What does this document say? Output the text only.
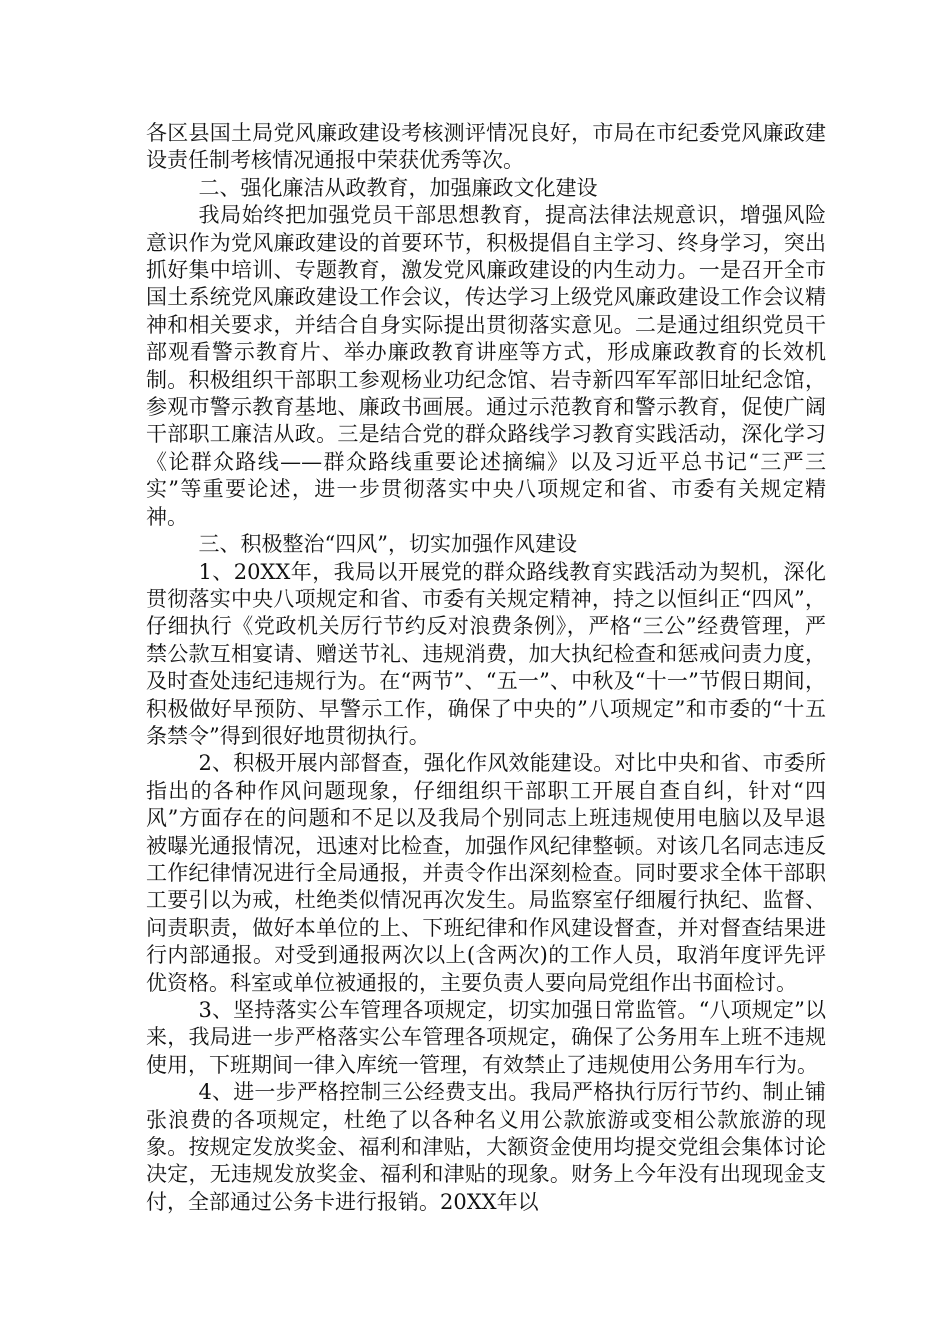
各区县国土局党风廉政建设考核测评情况良好，市局在市纪委党风廉政建设责任制考核情况通报中荣获优秀等次。

二、强化廉洁从政教育，加强廉政文化建设

我局始终把加强党员干部思想教育，提高法律法规意识，增强风险意识作为党风廉政建设的首要环节，积极提倡自主学习、终身学习，突出抓好集中培训、专题教育，激发党风廉政建设的内生动力。一是召开全市国土系统党风廉政建设工作会议，传达学习上级党风廉政建设工作会议精神和相关要求，并结合自身实际提出贯彻落实意见。二是通过组织党员干部观看警示教育片、举办廉政教育讲座等方式，形成廉政教育的长效机制。积极组织干部职工参观杨业功纪念馆、岩寺新四军军部旧址纪念馆，参观市警示教育基地、廉政书画展。通过示范教育和警示教育，促使广阔干部职工廉洁从政。三是结合党的群众路线学习教育实践活动，深化学习《论群众路线——群众路线重要论述摘编》以及习近平总书记“三严三实”等重要论述，进一步贯彻落实中央八项规定和省、市委有关规定精神。

三、积极整治“四风”，切实加强作风建设

1、20XX年，我局以开展党的群众路线教育实践活动为契机，深化贯彻落实中央八项规定和省、市委有关规定精神，持之以恒纠正“四风”，仔细执行《党政机关厉行节约反对浪费条例》，严格“三公”经费管理，严禁公款互相宴请、赠送节礼、违规消费，加大执纪检查和惩戒问责力度，及时查处违纪违规行为。在“两节”、“五一”、中秋及“十一”节假日期间，积极做好早预防、早警示工作，确保了中央的”八项规定”和市委的“十五条禁令”得到很好地贯彻执行。

2、积极开展内部督查，强化作风效能建设。对比中央和省、市委所指出的各种作风问题现象，仔细组织干部职工开展自查自纠，针对“四风”方面存在的问题和不足以及我局个别同志上班违规使用电脑以及早退被曝光通报情况，迅速对比检查，加强作风纪律整顿。对该几名同志违反工作纪律情况进行全局通报，并责令作出深刻检查。同时要求全体干部职工要引以为戒，杜绝类似情况再次发生。局监察室仔细履行执纪、监督、问责职责，做好本单位的上、下班纪律和作风建设督查，并对督查结果进行内部通报。对受到通报两次以上(含两次)的工作人员，取消年度评先评优资格。科室或单位被通报的，主要负责人要向局党组作出书面检讨。

3、坚持落实公车管理各项规定，切实加强日常监管。“八项规定”以来，我局进一步严格落实公车管理各项规定，确保了公务用车上班不违规使用，下班期间一律入库统一管理，有效禁止了违规使用公务用车行为。

4、进一步严格控制三公经费支出。我局严格执行厉行节约、制止铺张浪费的各项规定，杜绝了以各种名义用公款旅游或变相公款旅游的现象。按规定发放奖金、福利和津贴，大额资金使用均提交党组会集体讨论决定，无违规发放奖金、福利和津贴的现象。财务上今年没有出现现金支付，全部通过公务卡进行报销。20XX年以
